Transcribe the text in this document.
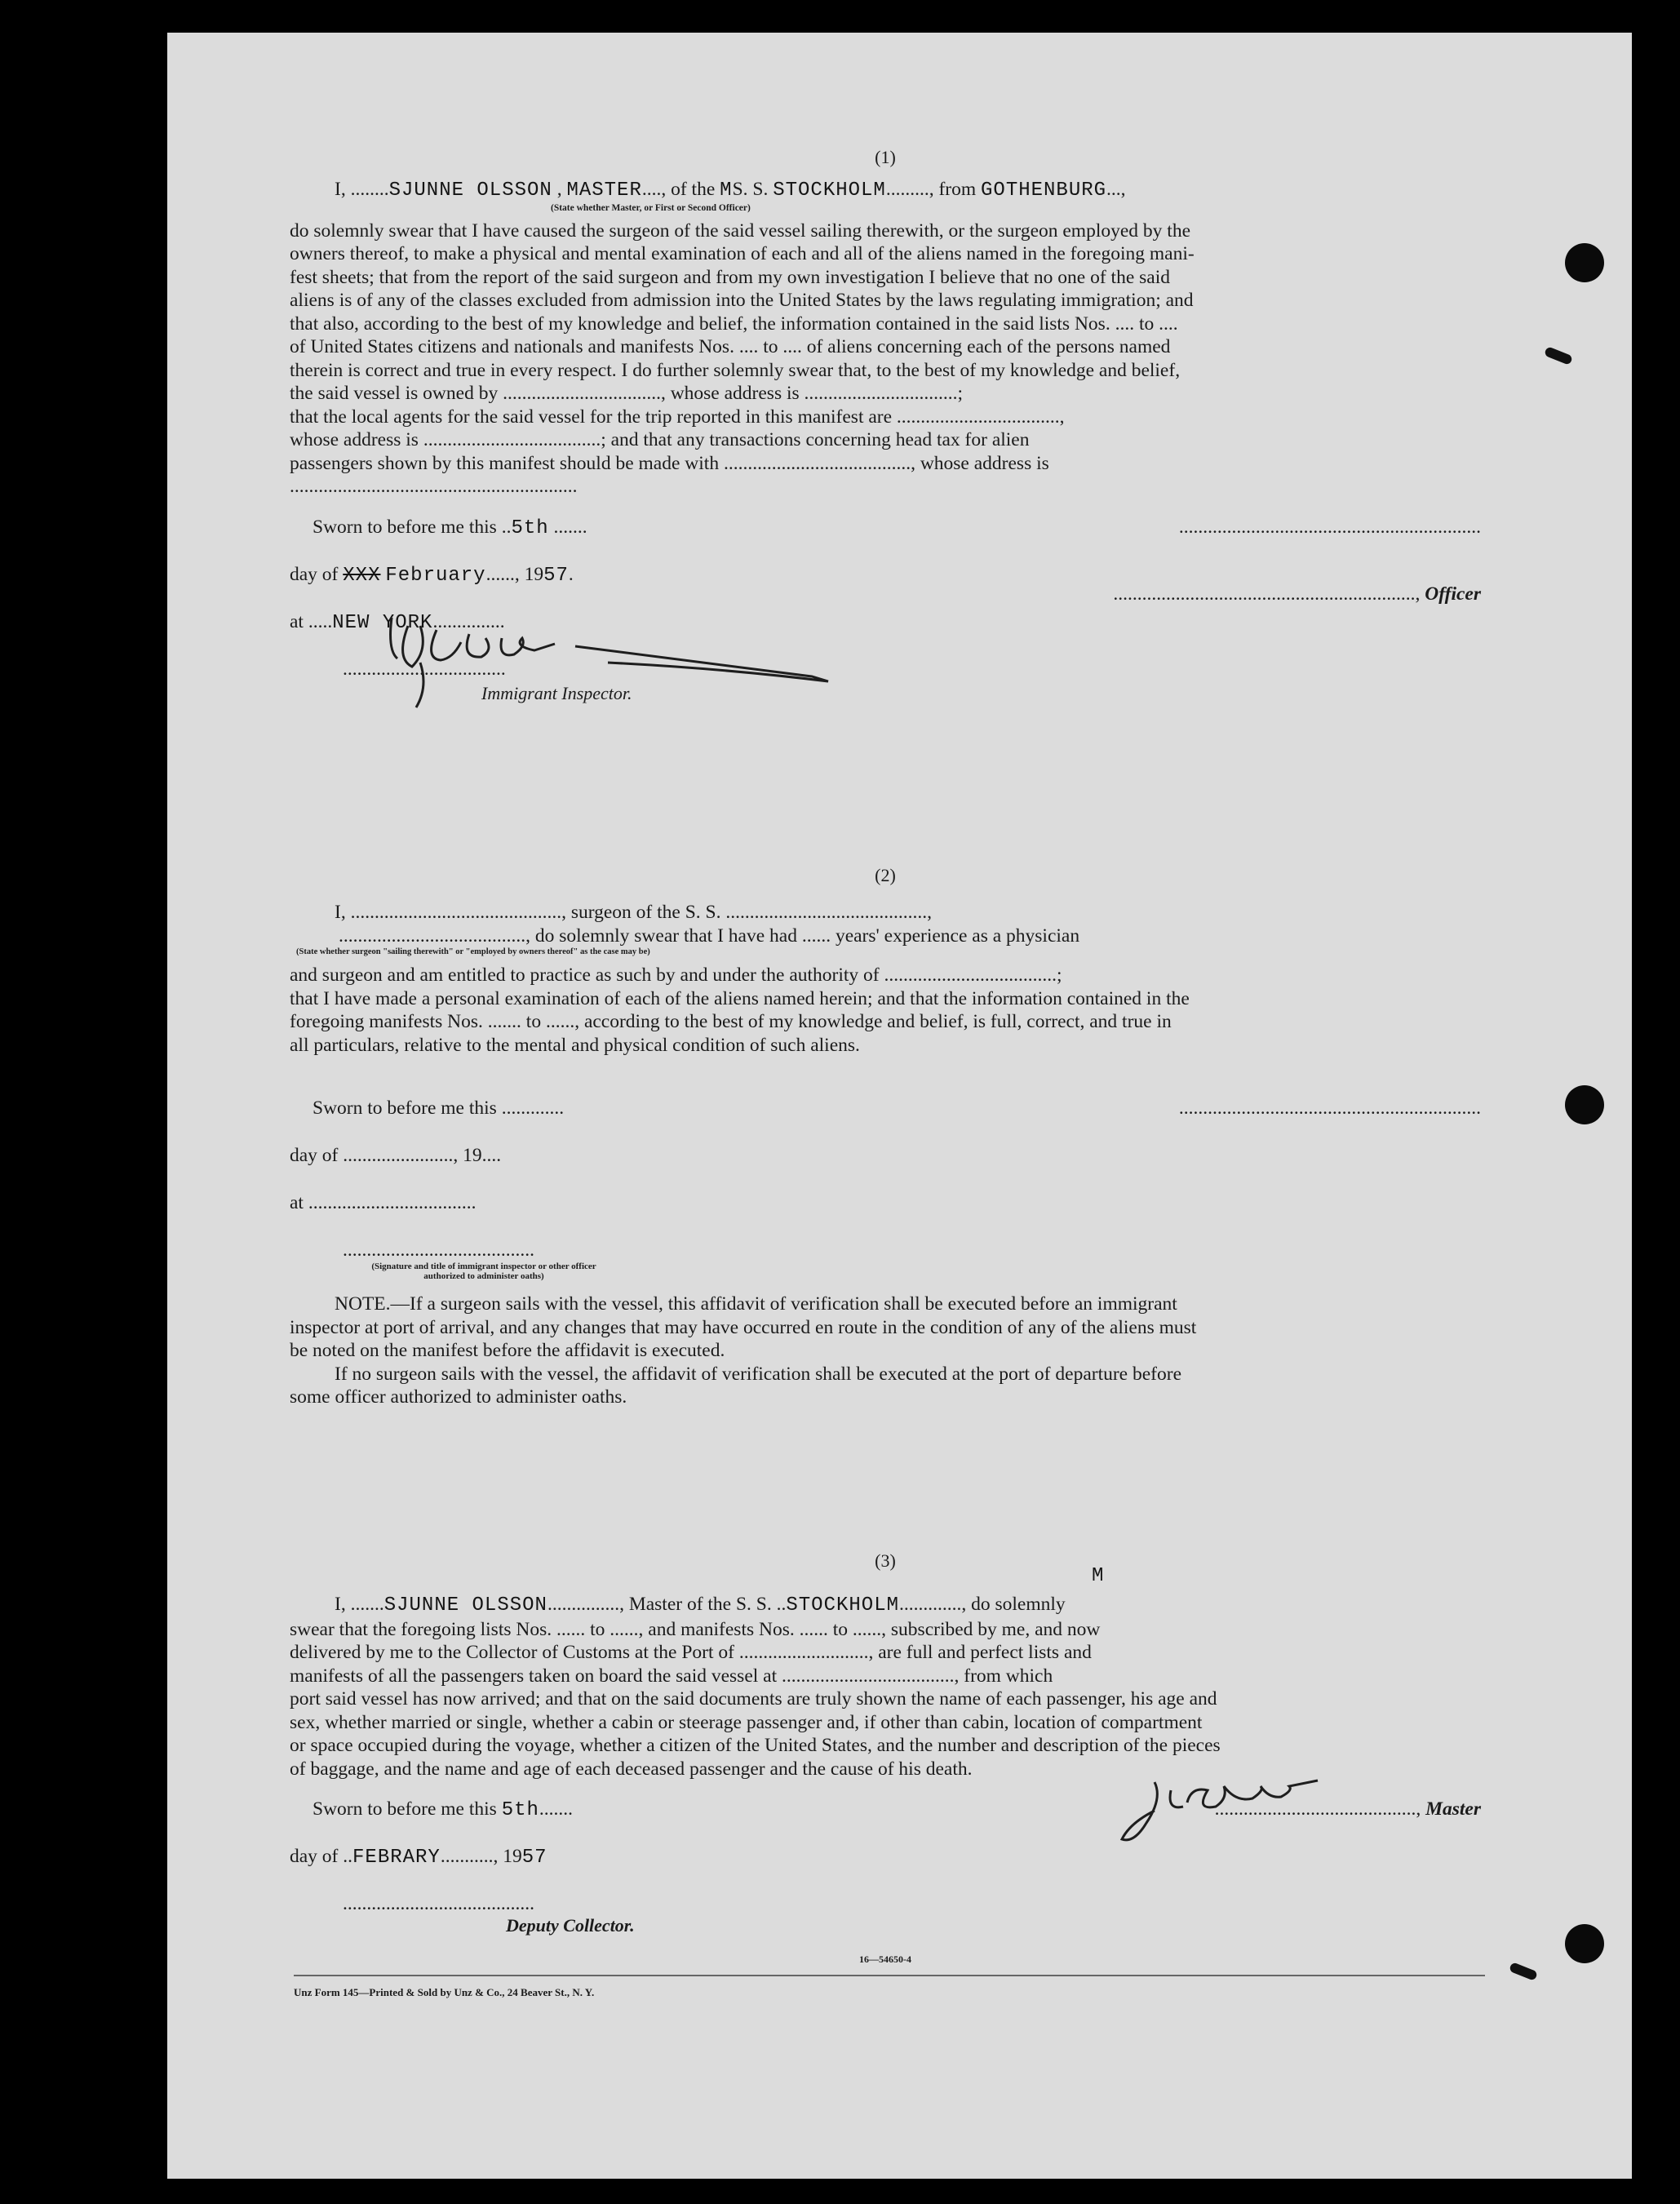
(1)
I, ........SJUNNE OLSSON , MASTER...., of the MS. S. STOCKHOLM........., from GOTHENBURG...,
(State whether Master, or First or Second Officer)
do solemnly swear that I have caused the surgeon of the said vessel sailing therewith, or the surgeon employed by the
owners thereof, to make a physical and mental examination of each and all of the aliens named in the foregoing mani-
fest sheets; that from the report of the said surgeon and from my own investigation I believe that no one of the said
aliens is of any of the classes excluded from admission into the United States by the laws regulating immigration; and
that also, according to the best of my knowledge and belief, the information contained in the said lists Nos. .... to ....
of United States citizens and nationals and manifests Nos. .... to .... of aliens concerning each of the persons named
therein is correct and true in every respect. I do further solemnly swear that, to the best of my knowledge and belief,
the said vessel is owned by ................................., whose address is ................................;
that the local agents for the said vessel for the trip reported in this manifest are ..................................,
whose address is .....................................; and that any transactions concerning head tax for alien
passengers shown by this manifest should be made with ......................................., whose address is
............................................................
Sworn to before me this ..5th .......	...............................................................
day of XXX February......, 1957.
..............................................................., Officer
at .....NEW YORK...............
..................................
Immigrant Inspector.
(2)
I, ............................................, surgeon of the S. S. ..........................................,
......................................., do solemnly swear that I have had ...... years' experience as a physician
(State whether surgeon "sailing therewith" or "employed by owners thereof" as the case may be)
and surgeon and am entitled to practice as such by and under the authority of ....................................;
that I have made a personal examination of each of the aliens named herein; and that the information contained in the
foregoing manifests Nos. ....... to ......, according to the best of my knowledge and belief, is full, correct, and true in
all particulars, relative to the mental and physical condition of such aliens.
Sworn to before me this .............	...............................................................
day of ......................., 19....
at ...................................
........................................
(Signature and title of immigrant inspector or other officer authorized to administer oaths)
NOTE.—If a surgeon sails with the vessel, this affidavit of verification shall be executed before an immigrant
inspector at port of arrival, and any changes that may have occurred en route in the condition of any of the aliens must
be noted on the manifest before the affidavit is executed.
If no surgeon sails with the vessel, the affidavit of verification shall be executed at the port of departure before
some officer authorized to administer oaths.
(3)
M
I, .......SJUNNE OLSSON..............., Master of the S. S. ..STOCKHOLM............., do solemnly
swear that the foregoing lists Nos. ...... to ......, and manifests Nos. ...... to ......, subscribed by me, and now
delivered by me to the Collector of Customs at the Port of ..........................., are full and perfect lists and
manifests of all the passengers taken on board the said vessel at ...................................., from which
port said vessel has now arrived; and that on the said documents are truly shown the name of each passenger, his age and
sex, whether married or single, whether a cabin or steerage passenger and, if other than cabin, location of compartment
or space occupied during the voyage, whether a citizen of the United States, and the number and description of the pieces
of baggage, and the name and age of each deceased passenger and the cause of his death.
Sworn to before me this 5th.......	.........................................., Master
day of ..FEBRARY..........., 1957
........................................
Deputy Collector.
16—54650-4
Unz Form 145—Printed & Sold by Unz & Co., 24 Beaver St., N. Y.
